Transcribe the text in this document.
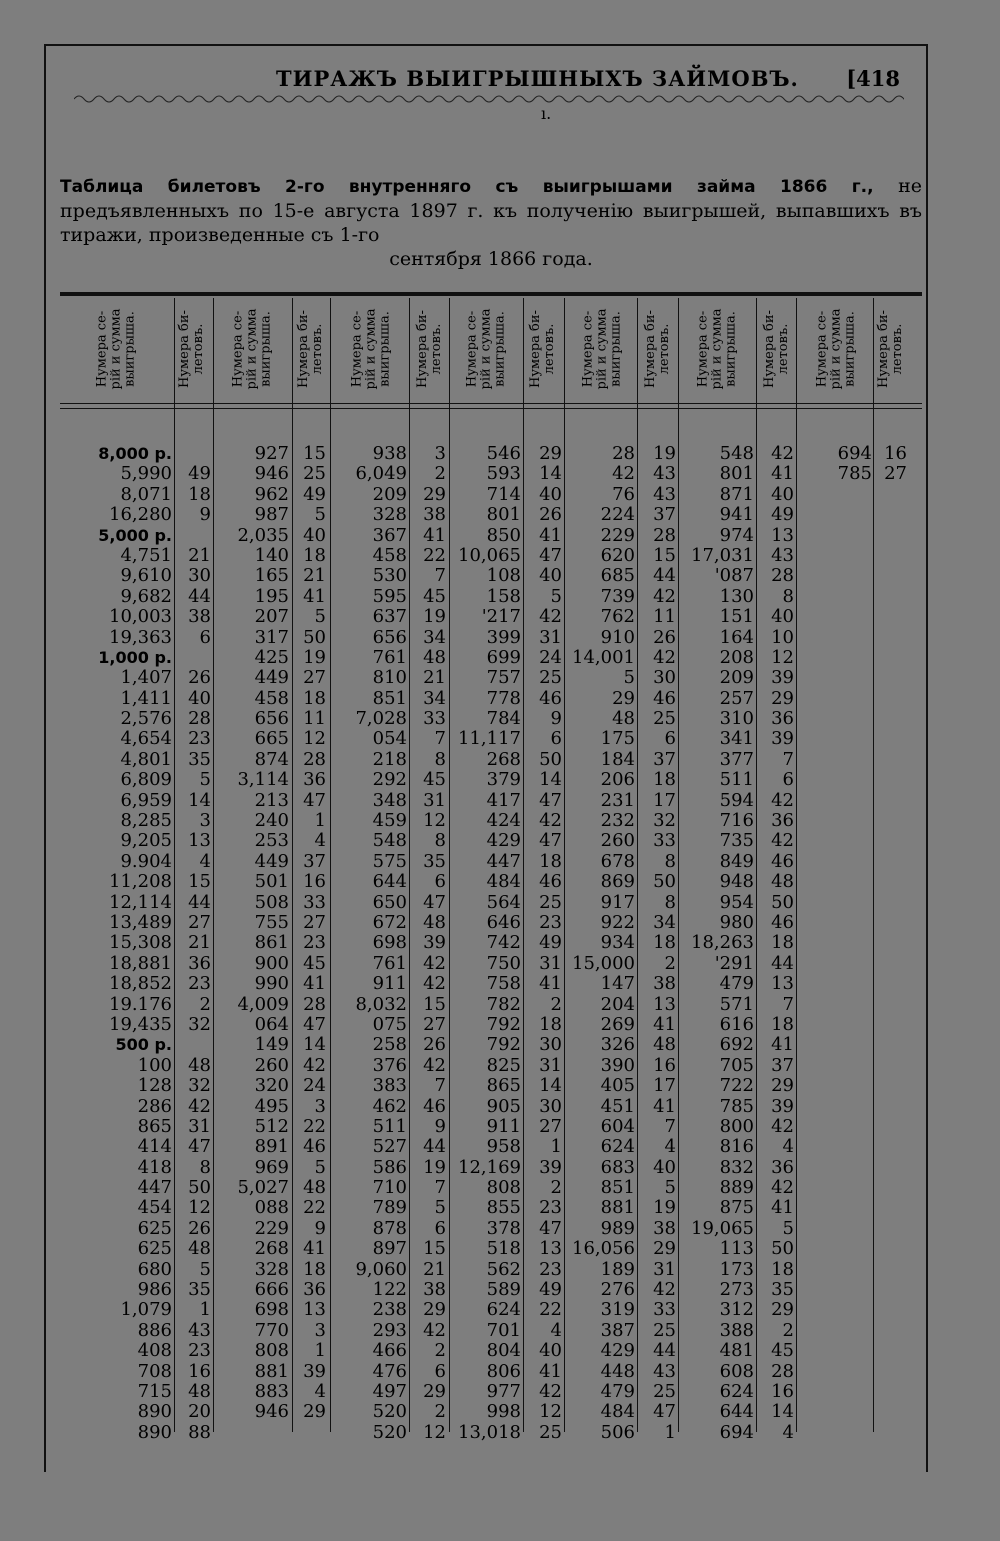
ТИРАЖЪ ВЫИГРЫШНЫХЪ ЗАЙМОВЪ. [418
ı.
Таблица билетовъ 2-го внутренняго съ выигрышами займа 1866 г., не предъявленныхъ по 15-е августа 1897 г. къ полученію выигрышей, выпавшихъ въ тиражи, произведенные съ 1-го
сентября 1866 года.
Нумера се-
рій и сумма
выигрыша.	Нумера би-
летовъ. Нумера се-
рій и сумма
выигрыша. Нумера би-
летовъ. Нумера се-
рій и сумма
выигрыша. Нумера би-
летовъ. Нумера се-
рій и сумма
выигрыша. Нумера би-
летовъ. Нумера се-
рій и сумма
выигрыша. Нумера би-
летовъ. Нумера се-
рій и сумма
выигрыша. Нумера би-
летовъ. Нумера се-
рій и сумма
выигрыша. Нумера би-
летовъ.
8,000 р.
5,990
8,071
16,280
5,000 р.
4,751
9,610
9,682
10,003
19,363
1,000 р.
1,407
1,411
2,576
4,654
4,801
6,809
6,959
8,285
9,205
9.904
11,208
12,114
13,489
15,308
18,881
18,852
19.176
19,435
500 р.
100
128
286
865
414
418
447
454
625
625
680
986
1,079
886
408
708
715
890
890
49
18
9
21
30
44
38
6
26
40
28
23
35
5
14
3
13
4
15
44
27
21
36
23
2
32
48
32
42
31
47
8
50
12
26
48
5
35
1
43
23
16
48
20
88
927
946
962
987
2,035
140
165
195
207
317
425
449
458
656
665
874
3,114
213
240
253
449
501
508
755
861
900
990
4,009
064
149
260
320
495
512
891
969
5,027
088
229
268
328
666
698
770
808
881
883
946
15
25
49
5
40
18
21
41
5
50
19
27
18
11
12
28
36
47
1
4
37
16
33
27
23
45
41
28
47
14
42
24
3
22
46
5
48
22
9
41
18
36
13
3
1
39
4
29
938
6,049
209
328
367
458
530
595
637
656
761
810
851
7,028
054
218
292
348
459
548
575
644
650
672
698
761
911
8,032
075
258
376
383
462
511
527
586
710
789
878
897
9,060
122
238
293
466
476
497
520
520
3
2
29
38
41
22
7
45
19
34
48
21
34
33
7
8
45
31
12
8
35
6
47
48
39
42
42
15
27
26
42
7
46
9
44
19
7
5
6
15
21
38
29
42
2
6
29
2
12
546
593
714
801
850
10,065
108
158
'217
399
699
757
778
784
11,117
268
379
417
424
429
447
484
564
646
742
750
758
782
792
792
825
865
905
911
958
12,169
808
855
378
518
562
589
624
701
804
806
977
998
13,018
29
14
40
26
41
47
40
5
42
31
24
25
46
9
6
50
14
47
42
47
18
46
25
23
49
31
41
2
18
30
31
14
30
27
1
39
2
23
47
13
23
49
22
4
40
41
42
12
25
28
42
76
224
229
620
685
739
762
910
14,001
5
29
48
175
184
206
231
232
260
678
869
917
922
934
15,000
147
204
269
326
390
405
451
604
624
683
851
881
989
16,056
189
276
319
387
429
448
479
484
506
19
43
43
37
28
15
44
42
11
26
42
30
46
25
6
37
18
17
32
33
8
50
8
34
18
2
38
13
41
48
16
17
41
7
4
40
5
19
38
29
31
42
33
25
44
43
25
47
1
548
801
871
941
974
17,031
'087
130
151
164
208
209
257
310
341
377
511
594
716
735
849
948
954
980
18,263
'291
479
571
616
692
705
722
785
800
816
832
889
875
19,065
113
173
273
312
388
481
608
624
644
694
42
41
40
49
13
43
28
8
40
10
12
39
29
36
39
7
6
42
36
42
46
48
50
46
18
44
13
7
18
41
37
29
39
42
4
36
42
41
5
50
18
35
29
2
45
28
16
14
4
694
785
16
27
